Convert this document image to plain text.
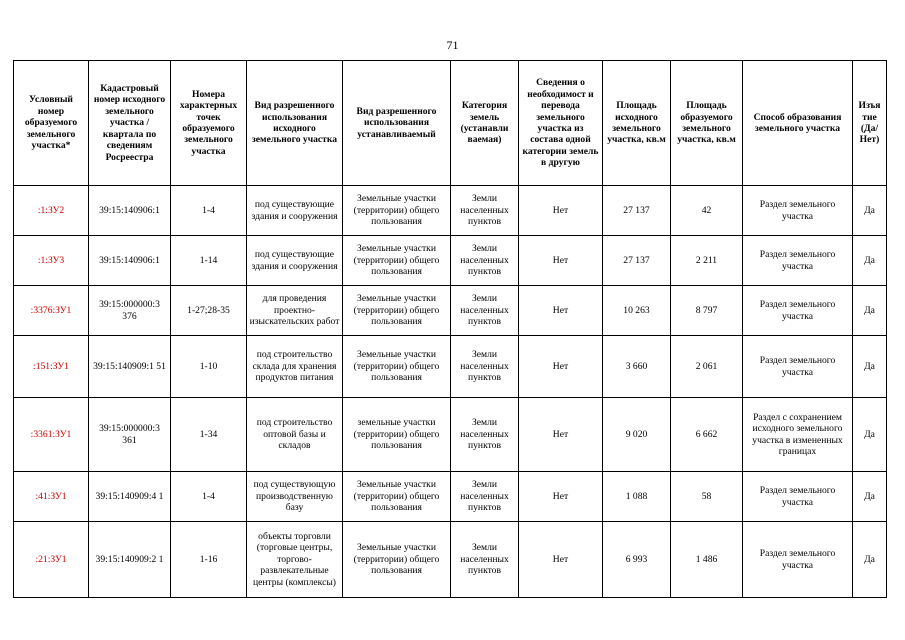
71
Условный номер образуемого земельного участка*	Кадастровый номер исходного земельного участка / квартала по сведениям Росреестра	Номера характерных точек образуемого земельного участка	Вид разрешенного использования исходного земельного участка	Вид разрешенного использования устанавливаемый	Категория земель (устанавли ваемая)	Сведения о необходимост и перевода земельного участка из состава одной категории земель в другую	Площадь исходного земельного участка, кв.м	Площадь образуемого земельного участка, кв.м	Способ образования земельного участка	Изъя тие (Да/ Нет)
:1:ЗУ2	39:15:140906:1	1-4	под существующие здания и сооружения	Земельные участки (территории) общего пользования	Земли населенных пунктов	Нет	27 137	42	Раздел земельного участка	Да
:1:ЗУ3	39:15:140906:1	1-14	под существующие здания и сооружения	Земельные участки (территории) общего пользования	Земли населенных пунктов	Нет	27 137	2 211	Раздел земельного участка	Да
:3376:ЗУ1	39:15:000000:3 376	1-27;28-35	для проведения проектно-изыскательских работ	Земельные участки (территории) общего пользования	Земли населенных пунктов	Нет	10 263	8 797	Раздел земельного участка	Да
:151:ЗУ1	39:15:140909:1 51	1-10	под строительство склада для хранения продуктов питания	Земельные участки (территории) общего пользования	Земли населенных пунктов	Нет	3 660	2 061	Раздел земельного участка	Да
:3361:ЗУ1	39:15:000000:3 361	1-34	под строительство оптовой базы и складов	земельные участки (территории) общего пользования	Земли населенных пунктов	Нет	9 020	6 662	Раздел с сохранением исходного земельного участка в измененных границах	Да
:41:ЗУ1	39:15:140909:4 1	1-4	под существующую производственную базу	Земельные участки (территории) общего пользования	Земли населенных пунктов	Нет	1 088	58	Раздел земельного участка	Да
:21:ЗУ1	39:15:140909:2 1	1-16	объекты торговли (торговые центры, торгово-развлекательные центры (комплексы)	Земельные участки (территории) общего пользования	Земли населенных пунктов	Нет	6 993	1 486	Раздел земельного участка	Да
